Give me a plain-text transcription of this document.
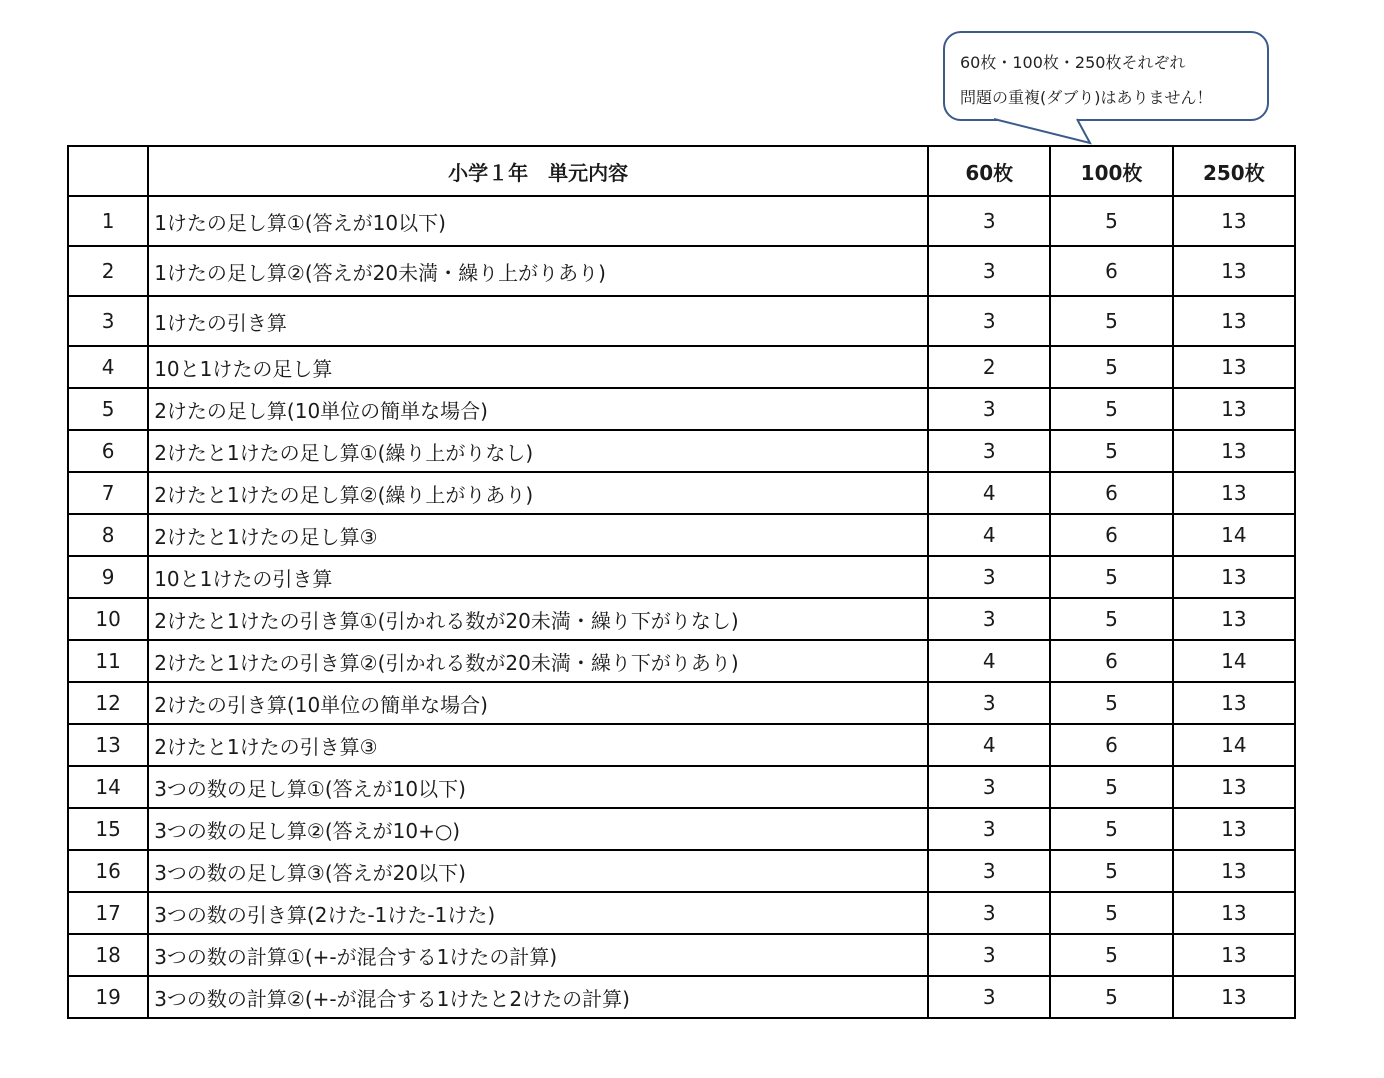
60枚・100枚・250枚それぞれ
問題の重複(ダブり)はありません！
	小学１年　単元内容	60枚	100枚	250枚
1	1けたの足し算①(答えが10以下)	3	5	13
2	1けたの足し算②(答えが20未満・繰り上がりあり)	3	6	13
3	1けたの引き算	3	5	13
4	10と1けたの足し算	2	5	13
5	2けたの足し算(10単位の簡単な場合)	3	5	13
6	2けたと1けたの足し算①(繰り上がりなし)	3	5	13
7	2けたと1けたの足し算②(繰り上がりあり)	4	6	13
8	2けたと1けたの足し算③	4	6	14
9	10と1けたの引き算	3	5	13
10	2けたと1けたの引き算①(引かれる数が20未満・繰り下がりなし)	3	5	13
11	2けたと1けたの引き算②(引かれる数が20未満・繰り下がりあり)	4	6	14
12	2けたの引き算(10単位の簡単な場合)	3	5	13
13	2けたと1けたの引き算③	4	6	14
14	3つの数の足し算①(答えが10以下)	3	5	13
15	3つの数の足し算②(答えが10+○)	3	5	13
16	3つの数の足し算③(答えが20以下)	3	5	13
17	3つの数の引き算(2けた-1けた-1けた)	3	5	13
18	3つの数の計算①(+-が混合する1けたの計算)	3	5	13
19	3つの数の計算②(+-が混合する1けたと2けたの計算)	3	5	13
